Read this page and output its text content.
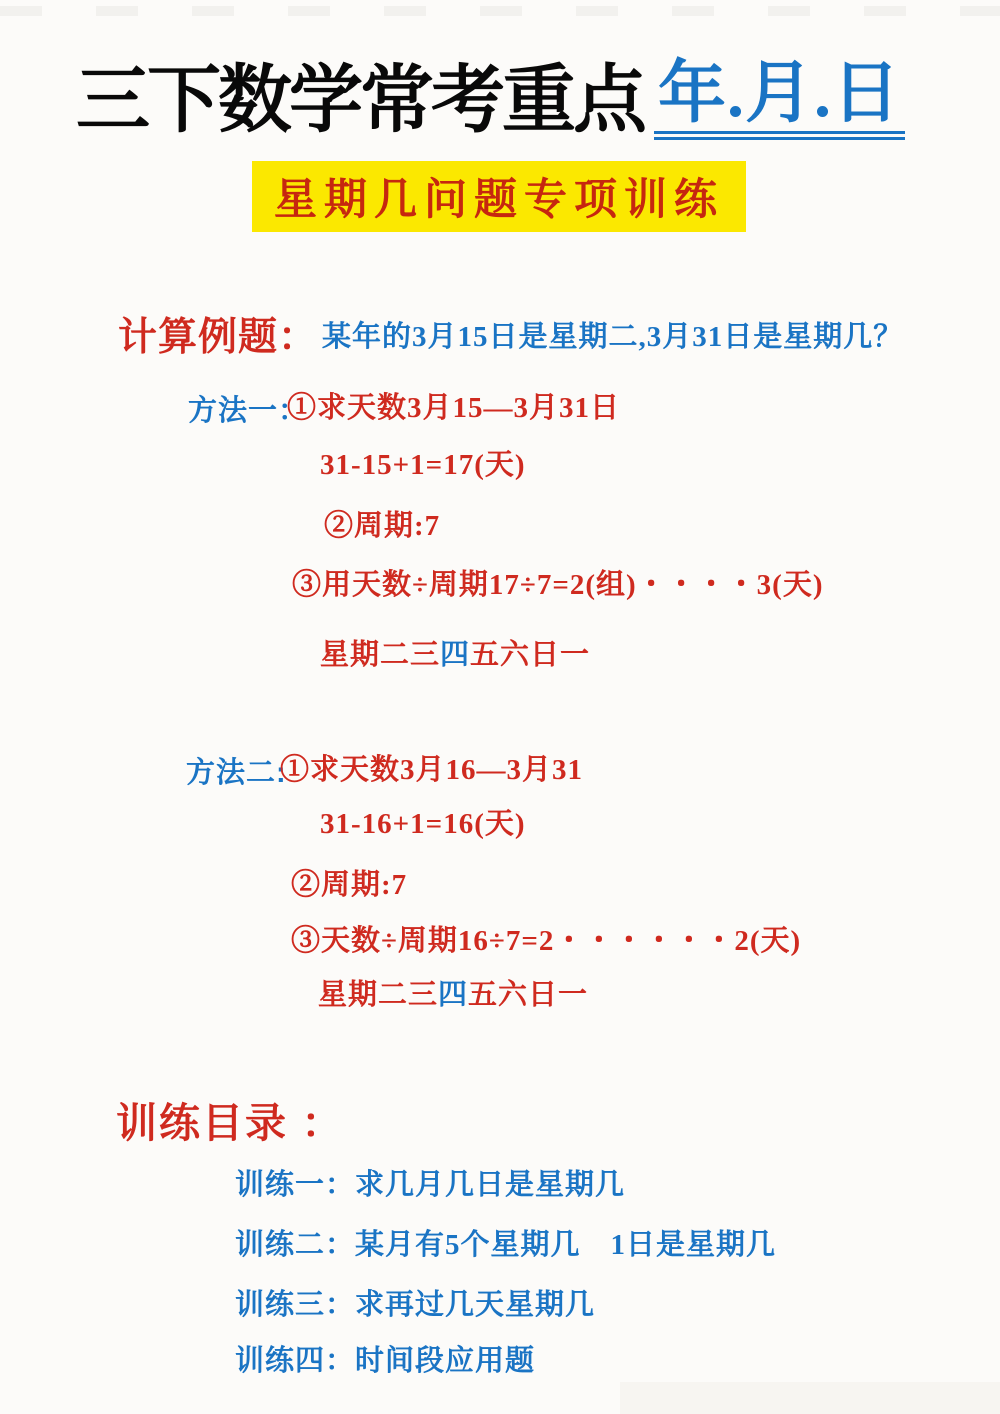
三下数学常考重点 年.月.日
星期几问题专项训练
计算例题： 某年的3月15日是星期二,3月31日是星期几？
方法一：
①求天数3月15—3月31日
31-15+1=17(天)
②周期:7
③用天数÷周期17÷7=2(组)・・・・3(天)
星期二三四五六日一
方法二:
①求天数3月16—3月31
31-16+1=16(天)
②周期:7
③天数÷周期16÷7=2・・・・・・2(天)
星期二三四五六日一
训练目录 ：
训练一：求几月几日是星期几
训练二：某月有5个星期几　1日是星期几
训练三：求再过几天星期几
训练四：时间段应用题
